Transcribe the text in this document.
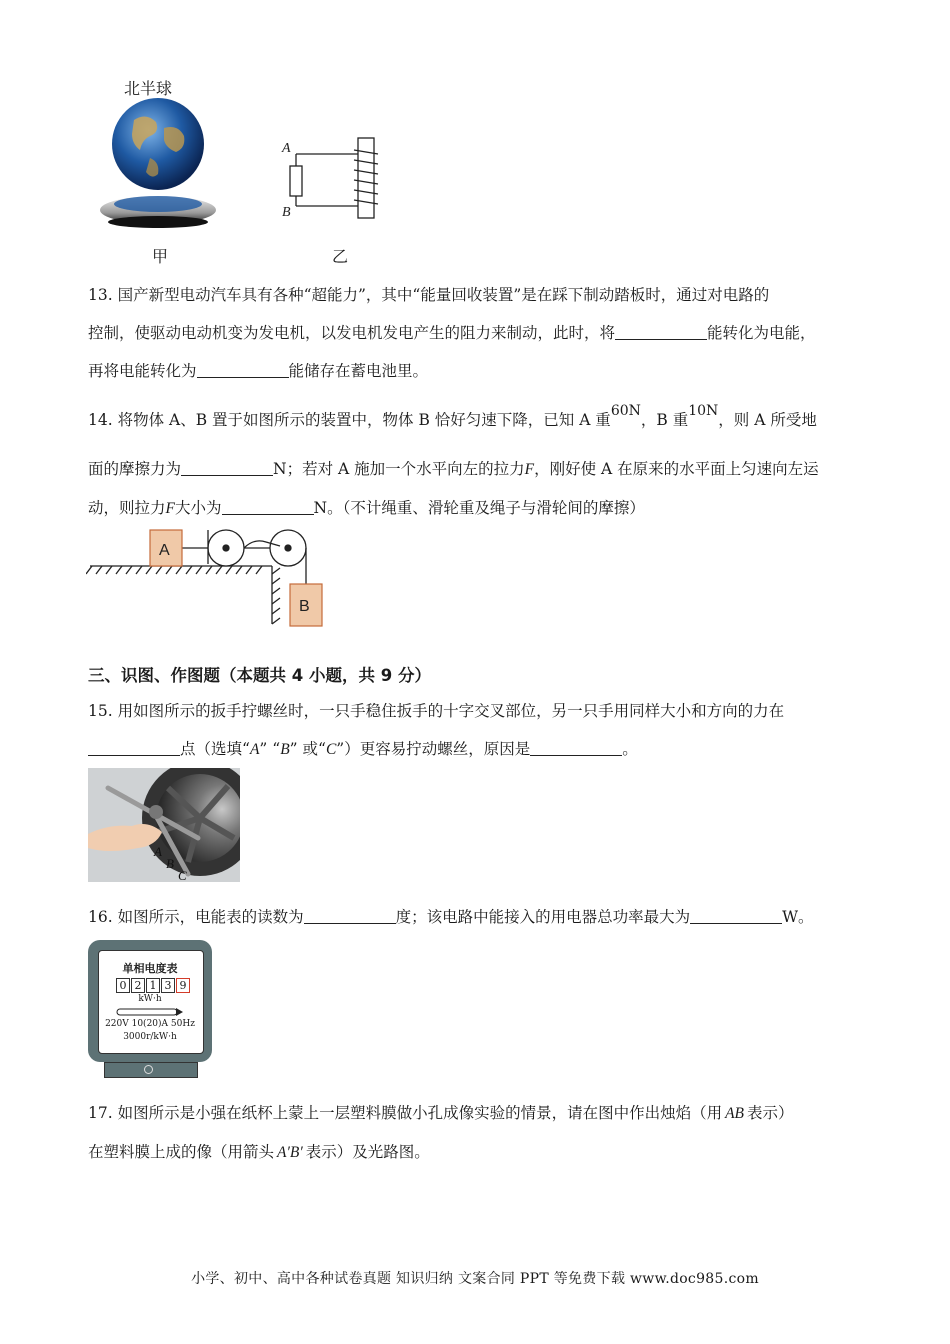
北半球
甲
A
B
乙
13. 国产新型电动汽车具有各种“超能力”，其中“能量回收装置”是在踩下制动踏板时，通过对电路的
控制，使驱动电动机变为发电机，以发电机发电产生的阻力来制动，此时，将	能转化为电能，
再将电能转化为	能储存在蓄电池里。
14. 将物体 A、B 置于如图所示的装置中，物体 B 恰好匀速下降，已知 A 重60N，B 重10N，则 A 所受地
面的摩擦力为	N；若对 A 施加一个水平向左的拉力F，刚好使 A 在原来的水平面上匀速向左运
动，则拉力F大小为	N。（不计绳重、滑轮重及绳子与滑轮间的摩擦）
A
B
三、识图、作图题（本题共 4 小题，共 9 分）
15. 用如图所示的扳手拧螺丝时，一只手稳住扳手的十字交叉部位，另一只手用同样大小和方向的力在
点（选填“A” “B” 或“C”）更容易拧动螺丝，原因是	。
A
B
C
16. 如图所示，电能表的读数为	度；该电路中能接入的用电器总功率最大为	W。
单相电度表
0 2 1 3 9
kW·h
220V 10(20)A 50Hz
3000r/kW·h
17. 如图所示是小强在纸杯上蒙上一层塑料膜做小孔成像实验的情景，请在图中作出烛焰（用 AB 表示）
在塑料膜上成的像（用箭头 A′B′ 表示）及光路图。
小学、初中、高中各种试卷真题 知识归纳 文案合同 PPT 等免费下载 www.doc985.com
